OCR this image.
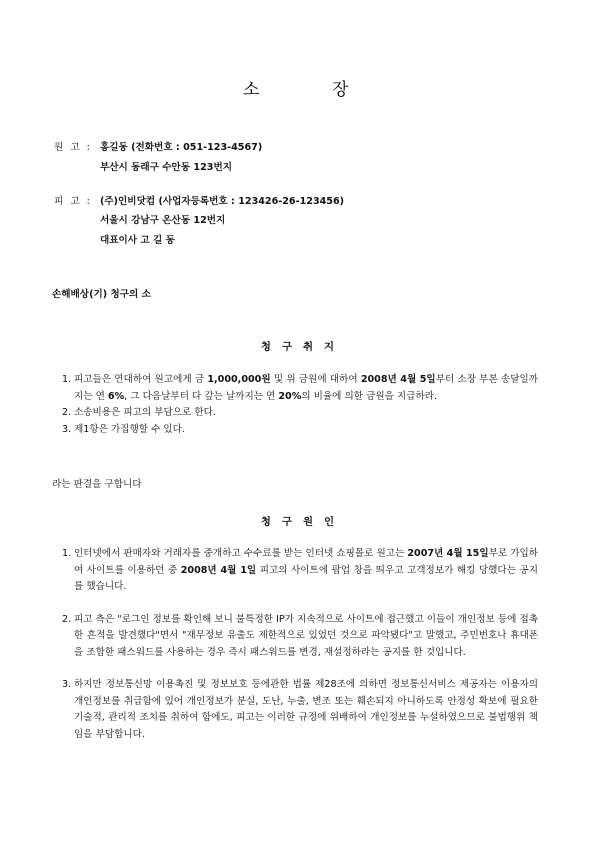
소	장
원 고 : 홍길동 (전화번호 : 051-123-4567)
부산시 동래구 수안동 123번지
피 고 : (주)인비닷컴 (사업자등록번호 : 123426-26-123456)
서울시 강남구 온산동 12번지
대표이사 고 길 동
손해배상(기) 청구의 소
청구취지
1. 피고들은 연대하여 원고에게 금 1,000,000원 및 위 금원에 대하여 2008년 4월 5일부터 소장 부본 송달일까지는 연 6%, 그 다음날부터 다 갚는 날까지는 연 20%의 비율에 의한 금원을 지급하라.
2. 소송비용은 피고의 부담으로 한다.
3. 제1항은 가집행할 수 있다.
라는 판결을 구합니다
청구원인
1. 인터넷에서 판매자와 거래자를 중개하고 수수료를 받는 인터넷 쇼핑몰로 원고는 2007년 4월 15일부로 가입하여 사이트를 이용하던 중 2008년 4월 1일 피고의 사이트에 팝업 창을 띄우고 고객정보가 해킹 당했다는 공지를 했습니다.
2. 피고 측은 "로그인 정보를 확인해 보니 불특정한 IP가 지속적으로 사이트에 접근했고 이들이 개인정보 등에 접촉한 흔적을 발견했다"면서 "재무정보 유출도 제한적으로 있었던 것으로 파악됐다"고 말했고, 주민번호나 휴대폰을 조합한 패스워드를 사용하는 경우 즉시 패스워드를 변경, 재설정하라는 공지를 한 것입니다.
3. 하지만 정보통신망 이용촉진 및 정보보호 등에관한 법률 제28조에 의하면 정보통신서비스 제공자는 이용자의 개인정보를 취급함에 있어 개인정보가 분실, 도난, 누출, 변조 또는 훼손되지 아니하도록 안정성 확보에 필요한 기술적, 관리적 조치를 취하여 함에도, 피고는 이러한 규정에 위배하여 개인정보를 누설하였으므로 불법행위 책임을 부담합니다.
